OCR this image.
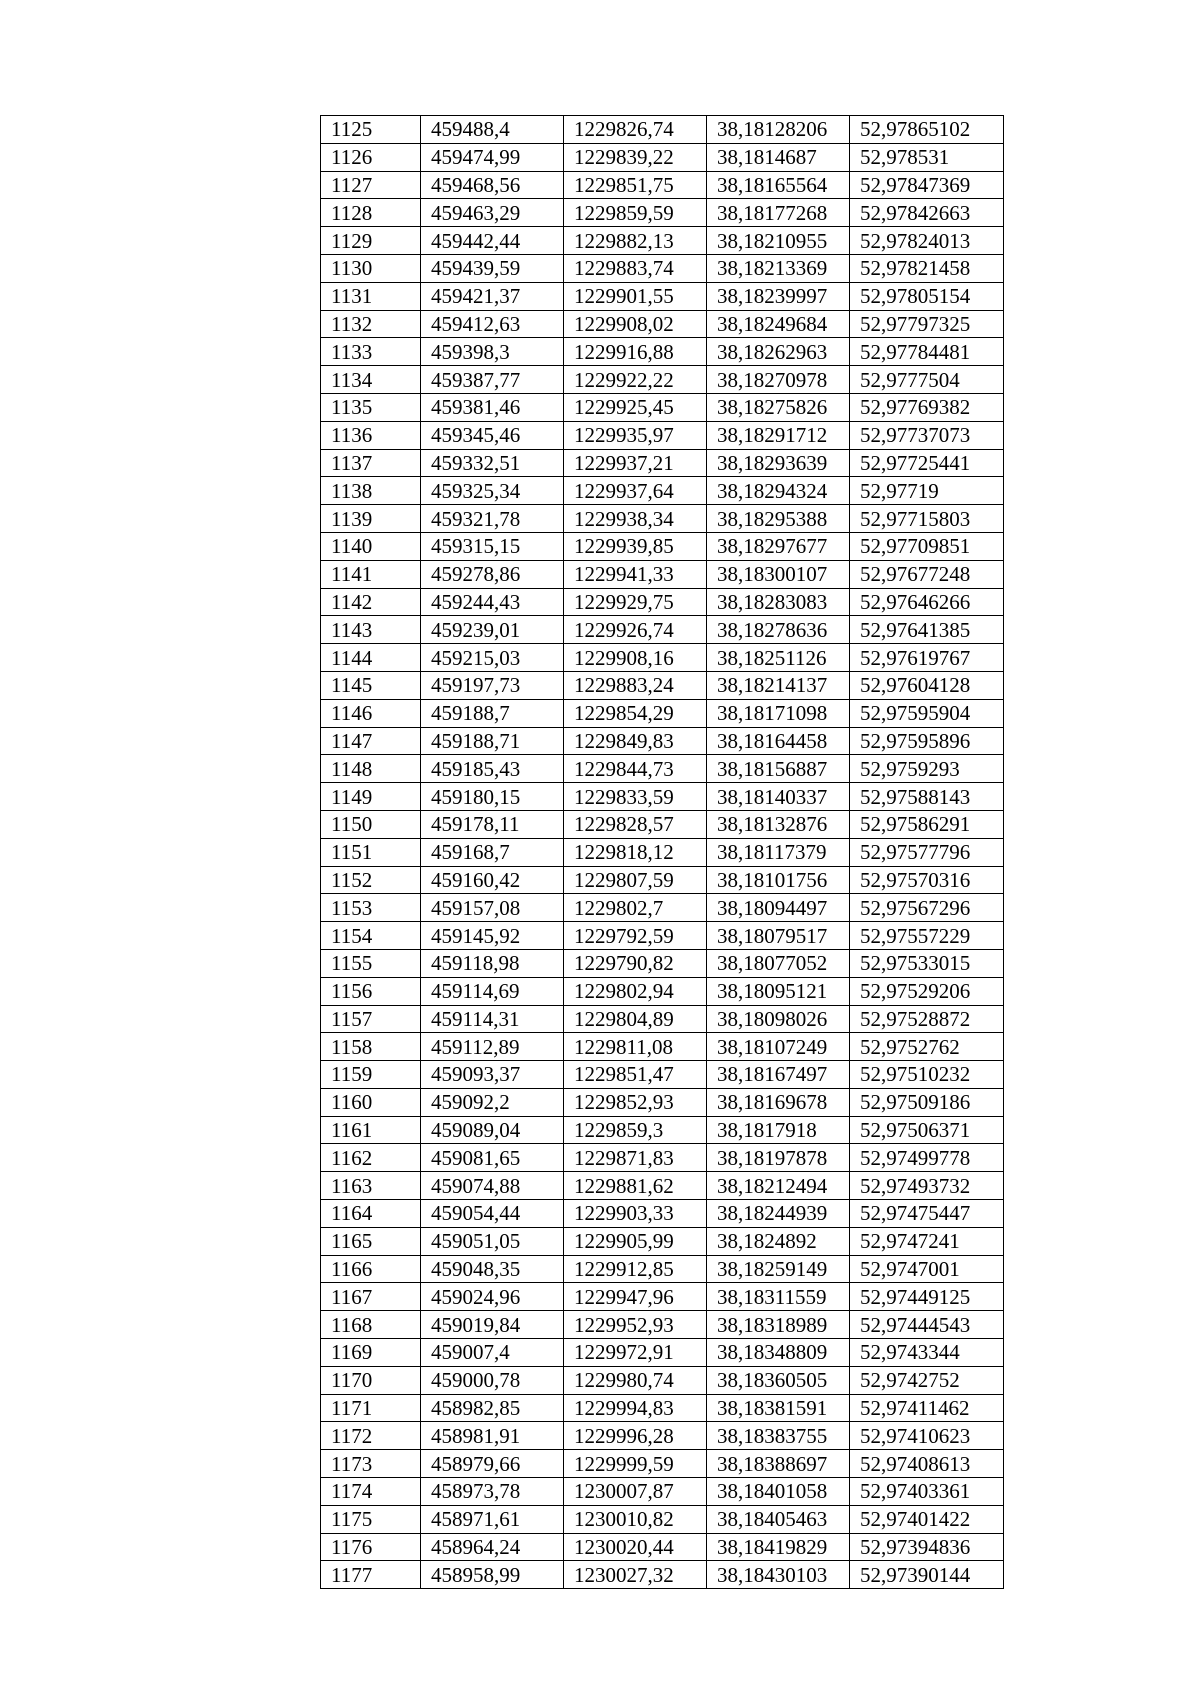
1125	459488,4	1229826,74	38,18128206	52,97865102
1126	459474,99	1229839,22	38,1814687	52,978531
1127	459468,56	1229851,75	38,18165564	52,97847369
1128	459463,29	1229859,59	38,18177268	52,97842663
1129	459442,44	1229882,13	38,18210955	52,97824013
1130	459439,59	1229883,74	38,18213369	52,97821458
1131	459421,37	1229901,55	38,18239997	52,97805154
1132	459412,63	1229908,02	38,18249684	52,97797325
1133	459398,3	1229916,88	38,18262963	52,97784481
1134	459387,77	1229922,22	38,18270978	52,9777504
1135	459381,46	1229925,45	38,18275826	52,97769382
1136	459345,46	1229935,97	38,18291712	52,97737073
1137	459332,51	1229937,21	38,18293639	52,97725441
1138	459325,34	1229937,64	38,18294324	52,97719
1139	459321,78	1229938,34	38,18295388	52,97715803
1140	459315,15	1229939,85	38,18297677	52,97709851
1141	459278,86	1229941,33	38,18300107	52,97677248
1142	459244,43	1229929,75	38,18283083	52,97646266
1143	459239,01	1229926,74	38,18278636	52,97641385
1144	459215,03	1229908,16	38,18251126	52,97619767
1145	459197,73	1229883,24	38,18214137	52,97604128
1146	459188,7	1229854,29	38,18171098	52,97595904
1147	459188,71	1229849,83	38,18164458	52,97595896
1148	459185,43	1229844,73	38,18156887	52,9759293
1149	459180,15	1229833,59	38,18140337	52,97588143
1150	459178,11	1229828,57	38,18132876	52,97586291
1151	459168,7	1229818,12	38,18117379	52,97577796
1152	459160,42	1229807,59	38,18101756	52,97570316
1153	459157,08	1229802,7	38,18094497	52,97567296
1154	459145,92	1229792,59	38,18079517	52,97557229
1155	459118,98	1229790,82	38,18077052	52,97533015
1156	459114,69	1229802,94	38,18095121	52,97529206
1157	459114,31	1229804,89	38,18098026	52,97528872
1158	459112,89	1229811,08	38,18107249	52,9752762
1159	459093,37	1229851,47	38,18167497	52,97510232
1160	459092,2	1229852,93	38,18169678	52,97509186
1161	459089,04	1229859,3	38,1817918	52,97506371
1162	459081,65	1229871,83	38,18197878	52,97499778
1163	459074,88	1229881,62	38,18212494	52,97493732
1164	459054,44	1229903,33	38,18244939	52,97475447
1165	459051,05	1229905,99	38,1824892	52,9747241
1166	459048,35	1229912,85	38,18259149	52,9747001
1167	459024,96	1229947,96	38,18311559	52,97449125
1168	459019,84	1229952,93	38,18318989	52,97444543
1169	459007,4	1229972,91	38,18348809	52,9743344
1170	459000,78	1229980,74	38,18360505	52,9742752
1171	458982,85	1229994,83	38,18381591	52,97411462
1172	458981,91	1229996,28	38,18383755	52,97410623
1173	458979,66	1229999,59	38,18388697	52,97408613
1174	458973,78	1230007,87	38,18401058	52,97403361
1175	458971,61	1230010,82	38,18405463	52,97401422
1176	458964,24	1230020,44	38,18419829	52,97394836
1177	458958,99	1230027,32	38,18430103	52,97390144
